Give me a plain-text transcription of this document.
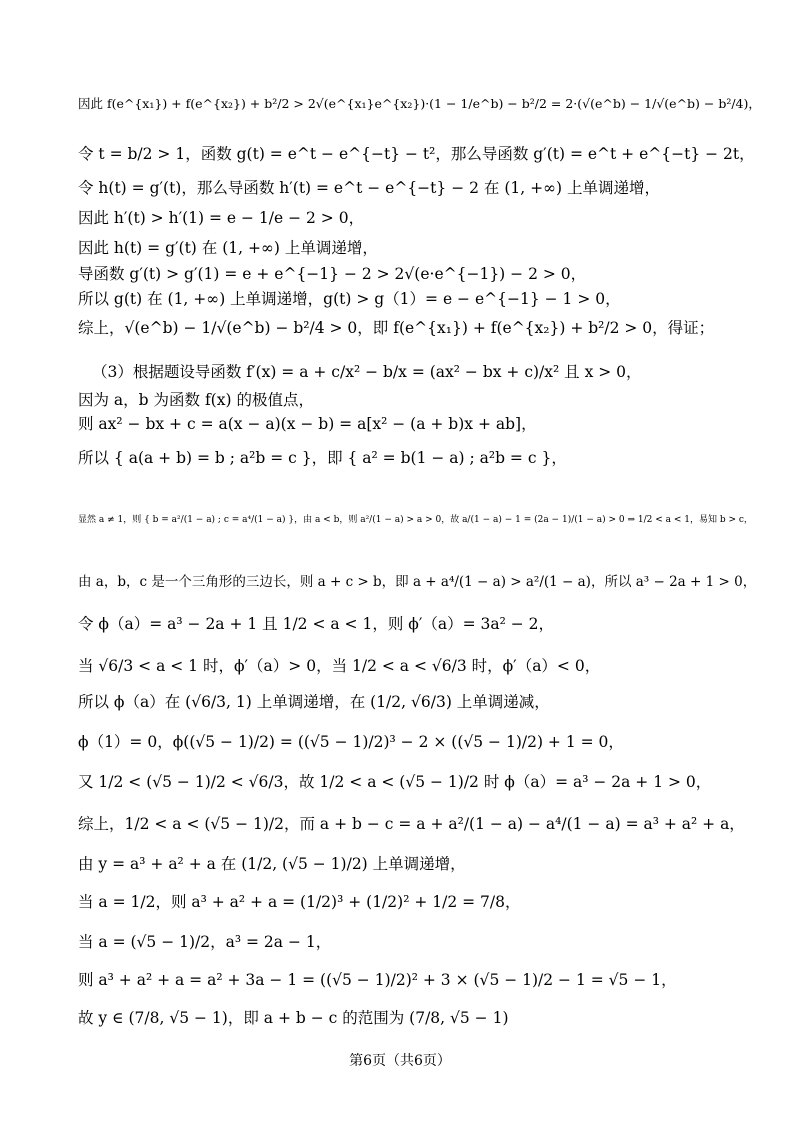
因此 f(e^{x₁}) + f(e^{x₂}) + b²/2 > 2√(e^{x₁}e^{x₂})·(1 − 1/e^b) − b²/2 = 2·(√(e^b) − 1/√(e^b) − b²/4)，
令 t = b/2 > 1，函数 g(t) = e^t − e^{−t} − t²，那么导函数 g′(t) = e^t + e^{−t} − 2t，
令 h(t) = g′(t)，那么导函数 h′(t) = e^t − e^{−t} − 2 在 (1, +∞) 上单调递增，
因此 h′(t) > h′(1) = e − 1/e − 2 > 0，
因此 h(t) = g′(t) 在 (1, +∞) 上单调递增，
导函数 g′(t) > g′(1) = e + e^{−1} − 2 > 2√(e·e^{−1}) − 2 > 0，
所以 g(t) 在 (1, +∞) 上单调递增，g(t) > g（1）= e − e^{−1} − 1 > 0，
综上，√(e^b) − 1/√(e^b) − b²/4 > 0，即 f(e^{x₁}) + f(e^{x₂}) + b²/2 > 0，得证；
（3）根据题设导函数 f′(x) = a + c/x² − b/x = (ax² − bx + c)/x² 且 x > 0，
因为 a，b 为函数 f(x) 的极值点，
则 ax² − bx + c = a(x − a)(x − b) = a[x² − (a + b)x + ab]，
所以 { a(a + b) = b ; a²b = c }，即 { a² = b(1 − a) ; a²b = c }，
显然 a ≠ 1，则 { b = a²/(1 − a) ; c = a⁴/(1 − a) }，由 a < b，则 a²/(1 − a) > a > 0，故 a/(1 − a) − 1 = (2a − 1)/(1 − a) > 0 ⇒ 1/2 < a < 1，易知 b > c，
由 a，b，c 是一个三角形的三边长，则 a + c > b，即 a + a⁴/(1 − a) > a²/(1 − a)，所以 a³ − 2a + 1 > 0，
令 ϕ（a）= a³ − 2a + 1 且 1/2 < a < 1，则 ϕ′（a）= 3a² − 2，
当 √6/3 < a < 1 时，ϕ′（a）> 0，当 1/2 < a < √6/3 时，ϕ′（a）< 0，
所以 ϕ（a）在 (√6/3, 1) 上单调递增，在 (1/2, √6/3) 上单调递减，
ϕ（1）= 0，ϕ((√5 − 1)/2) = ((√5 − 1)/2)³ − 2 × ((√5 − 1)/2) + 1 = 0，
又 1/2 < (√5 − 1)/2 < √6/3，故 1/2 < a < (√5 − 1)/2 时 ϕ（a）= a³ − 2a + 1 > 0，
综上，1/2 < a < (√5 − 1)/2，而 a + b − c = a + a²/(1 − a) − a⁴/(1 − a) = a³ + a² + a，
由 y = a³ + a² + a 在 (1/2, (√5 − 1)/2) 上单调递增，
当 a = 1/2，则 a³ + a² + a = (1/2)³ + (1/2)² + 1/2 = 7/8，
当 a = (√5 − 1)/2，a³ = 2a − 1，
则 a³ + a² + a = a² + 3a − 1 = ((√5 − 1)/2)² + 3 × (√5 − 1)/2 − 1 = √5 − 1，
故 y ∈ (7/8, √5 − 1)，即 a + b − c 的范围为 (7/8, √5 − 1)
第6页（共6页）
